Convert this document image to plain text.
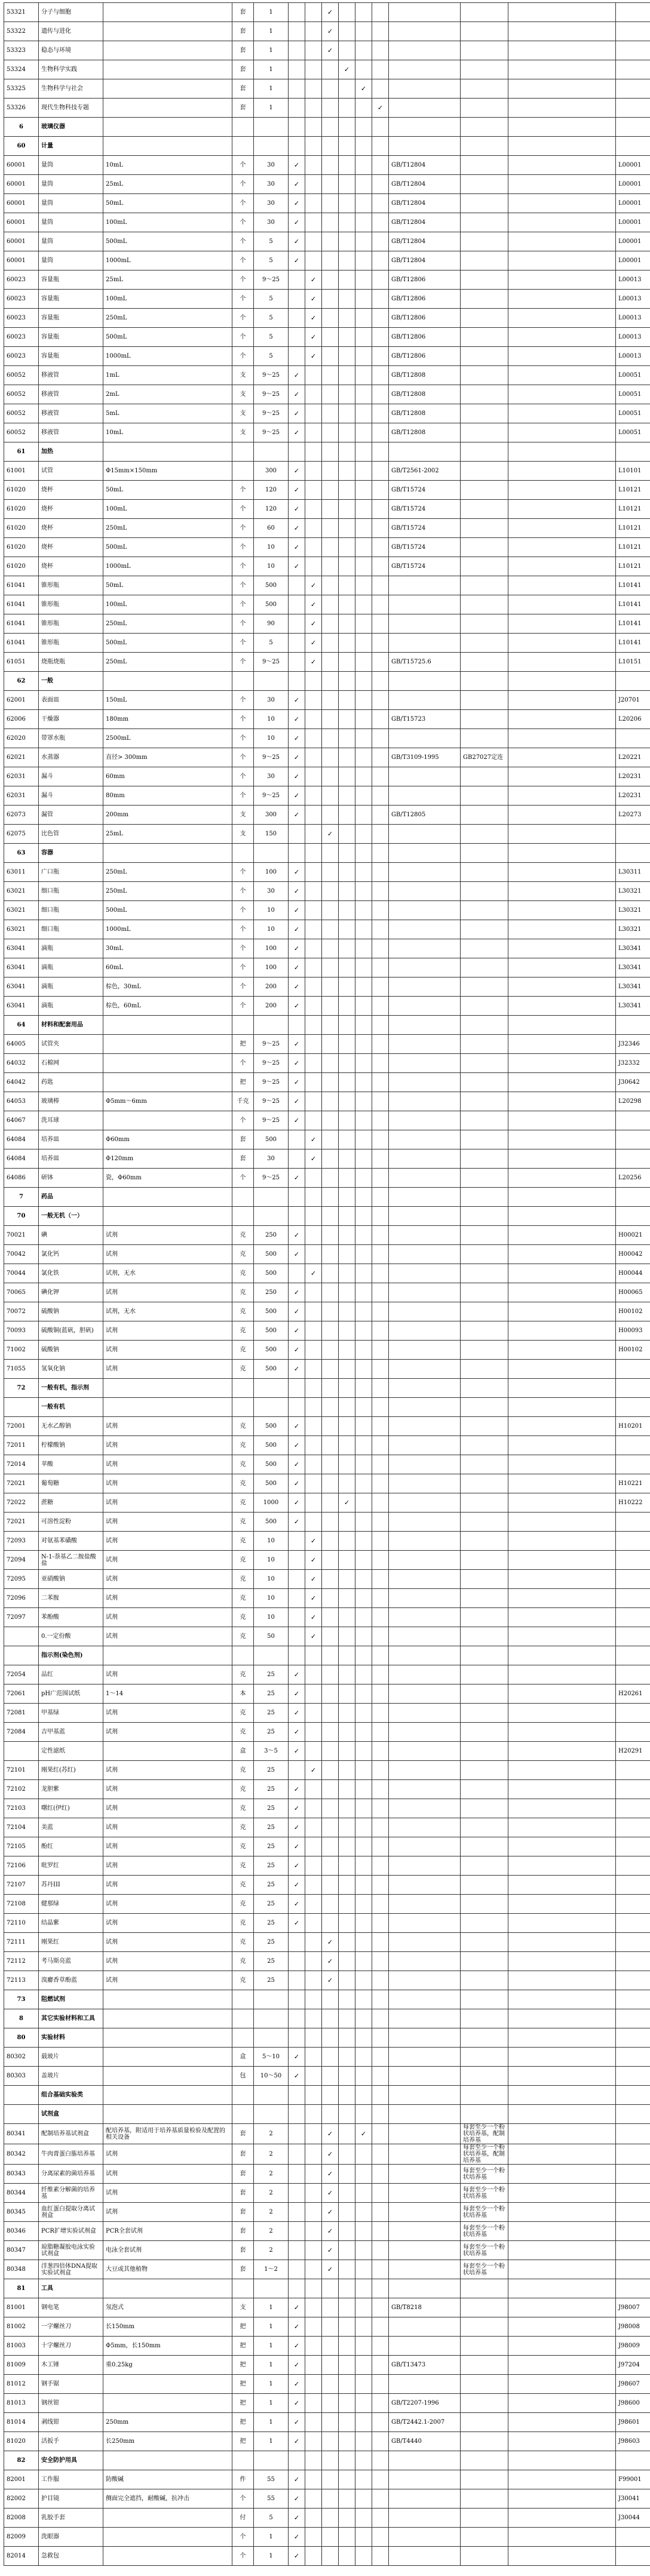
53321	分子与细胞		套	1			✓							
53322	遗传与进化		套	1			✓							
53323	稳态与环境		套	1			✓							
53324	生物科学实践		套	1				✓						
53325	生物科学与社会		套	1					✓					
53326	现代生物科技专题		套	1						✓				
6	玻璃仪器													
60	计量													
60001	量筒	10mL	个	30	✓						GB/T12804			L00001
60001	量筒	25mL	个	30	✓						GB/T12804			L00001
60001	量筒	50mL	个	30	✓						GB/T12804			L00001
60001	量筒	100mL	个	30	✓						GB/T12804			L00001
60001	量筒	500mL	个	5	✓						GB/T12804			L00001
60001	量筒	1000mL	个	5	✓						GB/T12804			L00001
60023	容量瓶	25mL	个	9～25		✓					GB/T12806			L00013
60023	容量瓶	100mL	个	5		✓					GB/T12806			L00013
60023	容量瓶	250mL	个	5		✓					GB/T12806			L00013
60023	容量瓶	500mL	个	5		✓					GB/T12806			L00013
60023	容量瓶	1000mL	个	5		✓					GB/T12806			L00013
60052	移液管	1mL	支	9～25	✓						GB/T12808			L00051
60052	移液管	2mL	支	9～25	✓						GB/T12808			L00051
60052	移液管	5mL	支	9～25	✓						GB/T12808			L00051
60052	移液管	10mL	支	9～25	✓						GB/T12808			L00051
61	加热													
61001	试管	Φ15mm×150mm		300	✓						GB/T2561-2002			L10101
61020	烧杯	50mL	个	120	✓						GB/T15724			L10121
61020	烧杯	100mL	个	120	✓						GB/T15724			L10121
61020	烧杯	250mL	个	60	✓						GB/T15724			L10121
61020	烧杯	500mL	个	10	✓						GB/T15724			L10121
61020	烧杯	1000mL	个	10	✓						GB/T15724			L10121
61041	锥形瓶	50mL	个	500		✓								L10141
61041	锥形瓶	100mL	个	500		✓								L10141
61041	锥形瓶	250mL	个	90		✓								L10141
61041	锥形瓶	500mL	个	5		✓								L10141
61051	烧瓶烧瓶	250mL	个	9～25		✓					GB/T15725.6			L10151
62	一般													
62001	表面皿	150mL	个	30	✓									J20701
62006	干燥器	180mm	个	10	✓						GB/T15723			L20206
62020	带罩水瓶	2500mL	个	10	✓									
62021	水蒸器	直径> 300mm	个	9～25	✓						GB/T3109-1995	GB27027定连		L20221
62031	漏斗	60mm	个	30	✓									L20231
62031	漏斗	80mm	个	9～25	✓									L20231
62073	漏管	200mm	支	300	✓						GB/T12805			L20273
62075	比色管	25mL	支	150			✓							
63	容器													
63011	广口瓶	250mL	个	100	✓									L30311
63021	细口瓶	250mL	个	30	✓									L30321
63021	细口瓶	500mL	个	10	✓									L30321
63021	细口瓶	1000mL	个	10	✓									L30321
63041	滴瓶	30mL	个	100	✓									L30341
63041	滴瓶	60mL	个	100	✓									L30341
63041	滴瓶	棕色，30mL	个	200	✓									L30341
63041	滴瓶	棕色，60mL	个	200	✓									L30341
64	材料和配套用品													
64005	试管夹		把	9～25	✓									J32346
64032	石棉网		个	9～25	✓									J32332
64042	药匙		把	9～25	✓									J30642
64053	玻璃棒	Φ5mm～6mm	千克	9～25	✓									L20298
64067	洗耳球		个	9～25	✓									
64084	培养皿	Φ60mm	套	500		✓								
64084	培养皿	Φ120mm	套	30		✓								
64086	研钵	瓷，Φ60mm	个	9～25	✓									L20256
7	药品													
70	一般无机（一）													
70021	碘	试剂	克	250	✓									H00021
70042	氯化钙	试剂	克	500	✓									H00042
70044	氯化铁	试剂，无水	克	500		✓								H00044
70065	碘化钾	试剂	克	250	✓									H00065
70072	硫酸钠	试剂，无水	克	500	✓									H00102
70093	硫酸铜(蓝矾，胆矾)	试剂	克	500	✓									H00093
71002	硫酸钠	试剂	克	500	✓									H00102
71055	氢氧化钠	试剂	克	500	✓									
72	一般有机，指示剂													
	一般有机													
72001	无水乙醇钠	试剂	克	500	✓									H10201
72011	柠檬酸钠	试剂	克	500	✓									
72014	苹酸	试剂	克	500	✓									
72021	葡萄糖	试剂	克	500	✓									H10221
72022	蔗糖	试剂	克	1000	✓			✓						H10222
72021	可溶性淀粉	试剂	克	500	✓									
72093	对氨基苯磺酸	试剂	克	10		✓								
72094	N-1-萘基乙二胺盐酸盐	试剂	克	10		✓								
72095	亚硝酸钠	试剂	克	10		✓								
72096	二苯胺	试剂	克	10		✓								
72097	苯酚酸	试剂	克	10		✓								
	0.一定份酸	试剂	克	50		✓								
	指示剂(染色剂)													
72054	品红	试剂	克	25	✓									
72061	pH广范围试纸	1～14	本	25	✓									H20261
72081	甲基绿	试剂	克	25	✓									
72084	吉甲基蓝	试剂	克	25	✓									
	定性滤纸		盒	3～5	✓									H20291
72101	刚果红(苏红)	试剂	克	25		✓								
72102	龙胆紫	试剂	克	25	✓									
72103	曙红(伊红)	试剂	克	25	✓									
72104	美蓝	试剂	克	25	✓									
72105	酚红	试剂	克	25	✓									
72106	吡罗红	试剂	克	25	✓									
72107	苏丹III	试剂	克	25	✓									
72108	健那绿	试剂	克	25	✓									
72110	结晶紫	试剂	克	25	✓									
72111	刚果红	试剂	克	25			✓							
72112	考马斯亮蓝	试剂	克	25			✓							
72113	溴麝香草酚蓝	试剂	克	25			✓							
73	阻燃试剂													
8	其它实验材料和工具													
80	实验材料													
80302	载玻片		盒	5～10	✓									
80303	盖玻片		包	10～50	✓									
	组合基础实验类													
	试剂盒													
80341	配制培养基试剂盒	配培养基，附适用于培养基质量检验及配置的相关设备	套	2			✓		✓			每套至少一个粉状培养基，配制培养基		
80342	牛肉膏蛋白胨培养基	试剂	套	2			✓					每套至少一个粉状培养基，配制培养基		
80343	分离尿素的菌培养基	试剂	套	2			✓					每套至少一个粉状培养基		
80344	纤维素分解菌的培养基	试剂	套	2			✓					每套至少一个粉状培养基		
80345	血红蛋白提取分离试剂盒	试剂	套	2			✓					每套至少一个粉状培养基		
80346	PCR扩增实验试剂盒	PCR全套试剂	套	2			✓					每套至少一个粉状培养基		
80347	琼脂糖凝胶电泳实验试剂盒	电泳全套试剂	套	2			✓					每套至少一个粉状培养基		
80348	洋葱四倍体DNA提取实验试剂盒	大豆或其他植物	套	1～2			✓					每套至少一个粉状培养基		
81	工具													
81001	钢电笔	氖泡式	支	1	✓						GB/T8218			J98007
81002	一字螺丝刀	长150mm	把	1	✓									J98008
81003	十字螺丝刀	Φ5mm，长150mm	把	1	✓									J98009
81009	木工锤	重0.25kg	把	1	✓						GB/T13473			J97204
81012	钢手锯		把	1	✓									J98607
81013	钢丝钳		把	1	✓						GB/T2207-1996			J98600
81014	剥线钳	250mm	把	1	✓						GB/T2442.1-2007			J98601
81020	活扳手	长250mm	把	1	✓						GB/T4440			J98603
82	安全防护用具													
82001	工作服	防酸碱	件	55	✓									F99001
82002	护目镜	侧面完全遮挡，耐酸碱，抗冲击	个	55	✓									J30041
82008	乳胶手套		付	5	✓									J30044
82009	洗眼器		个	1	✓									
82014	急救包		个	1	✓									
